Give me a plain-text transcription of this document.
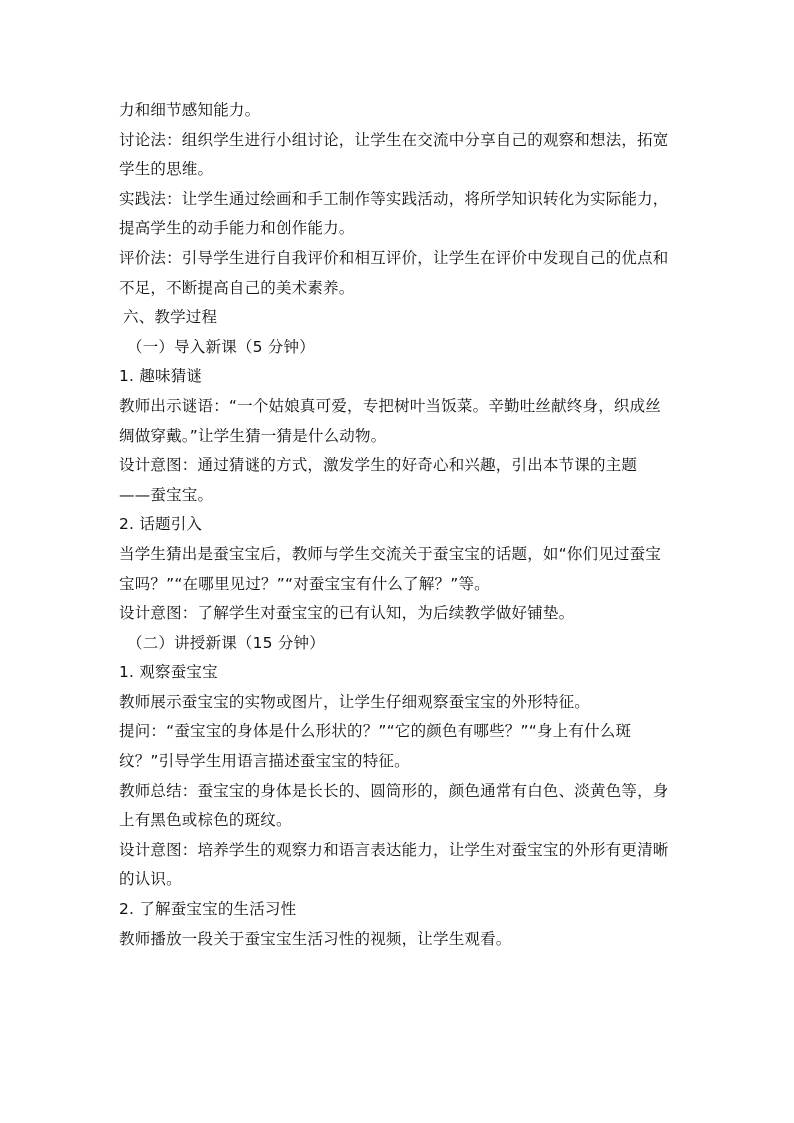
力和细节感知能力。
讨论法：组织学生进行小组讨论，让学生在交流中分享自己的观察和想法，拓宽
学生的思维。
实践法：让学生通过绘画和手工制作等实践活动，将所学知识转化为实际能力，
提高学生的动手能力和创作能力。
评价法：引导学生进行自我评价和相互评价，让学生在评价中发现自己的优点和
不足，不断提高自己的美术素养。
六、教学过程
（一）导入新课（5 分钟）
1. 趣味猜谜
教师出示谜语：“一个姑娘真可爱，专把树叶当饭菜。辛勤吐丝献终身，织成丝
绸做穿戴。”让学生猜一猜是什么动物。
设计意图：通过猜谜的方式，激发学生的好奇心和兴趣，引出本节课的主题
——蚕宝宝。
2. 话题引入
当学生猜出是蚕宝宝后，教师与学生交流关于蚕宝宝的话题，如“你们见过蚕宝
宝吗？”“在哪里见过？”“对蚕宝宝有什么了解？”等。
设计意图：了解学生对蚕宝宝的已有认知，为后续教学做好铺垫。
（二）讲授新课（15 分钟）
1. 观察蚕宝宝
教师展示蚕宝宝的实物或图片，让学生仔细观察蚕宝宝的外形特征。
提问：“蚕宝宝的身体是什么形状的？”“它的颜色有哪些？”“身上有什么斑
纹？”引导学生用语言描述蚕宝宝的特征。
教师总结：蚕宝宝的身体是长长的、圆筒形的，颜色通常有白色、淡黄色等，身
上有黑色或棕色的斑纹。
设计意图：培养学生的观察力和语言表达能力，让学生对蚕宝宝的外形有更清晰
的认识。
2. 了解蚕宝宝的生活习性
教师播放一段关于蚕宝宝生活习性的视频，让学生观看。
